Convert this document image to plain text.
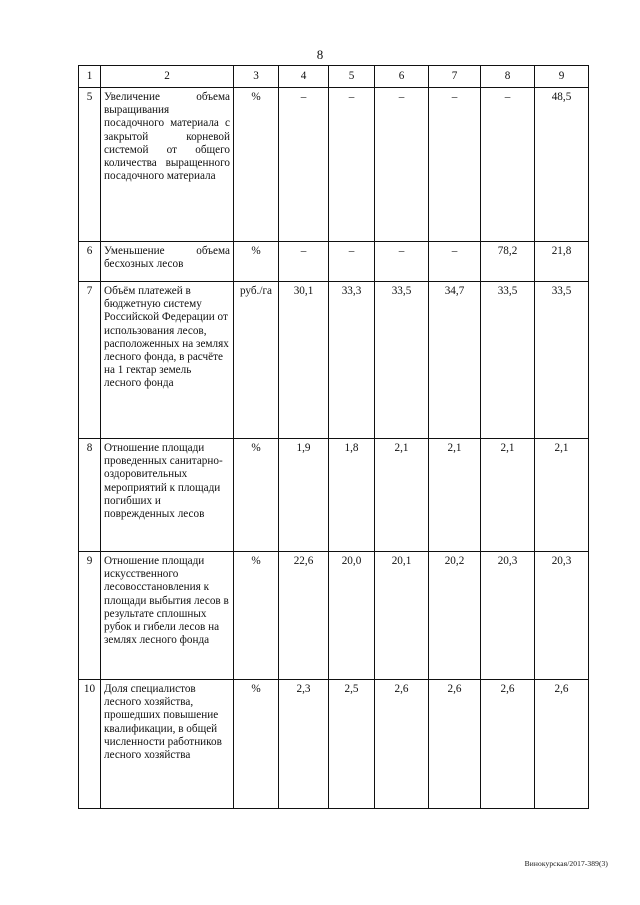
8
1	2	3	4	5	6	7	8	9
5	Увеличение объема выращивания посадочного материала с закрытой корневой системой от общего количества выращенного посадочного материала	%	–	–	–	–	–	48,5
6	Уменьшение объема бесхозных лесов	%	–	–	–	–	78,2	21,8
7	Объём платежей в бюджетную систему Российской Федерации от использования лесов, расположенных на землях лесного фонда, в расчёте на 1 гектар земель лесного фонда	руб./га	30,1	33,3	33,5	34,7	33,5	33,5
8	Отношение площади проведенных санитарно-оздоровительных мероприятий к площади погибших и поврежденных лесов	%	1,9	1,8	2,1	2,1	2,1	2,1
9	Отношение площади искусственного лесовосстановления к площади выбытия лесов в результате сплошных рубок и гибели лесов на землях лесного фонда	%	22,6	20,0	20,1	20,2	20,3	20,3
10	Доля специалистов лесного хозяйства, прошедших повышение квалификации, в общей численности работников лесного хозяйства	%	2,3	2,5	2,6	2,6	2,6	2,6
Винокурская/2017-389(3)
